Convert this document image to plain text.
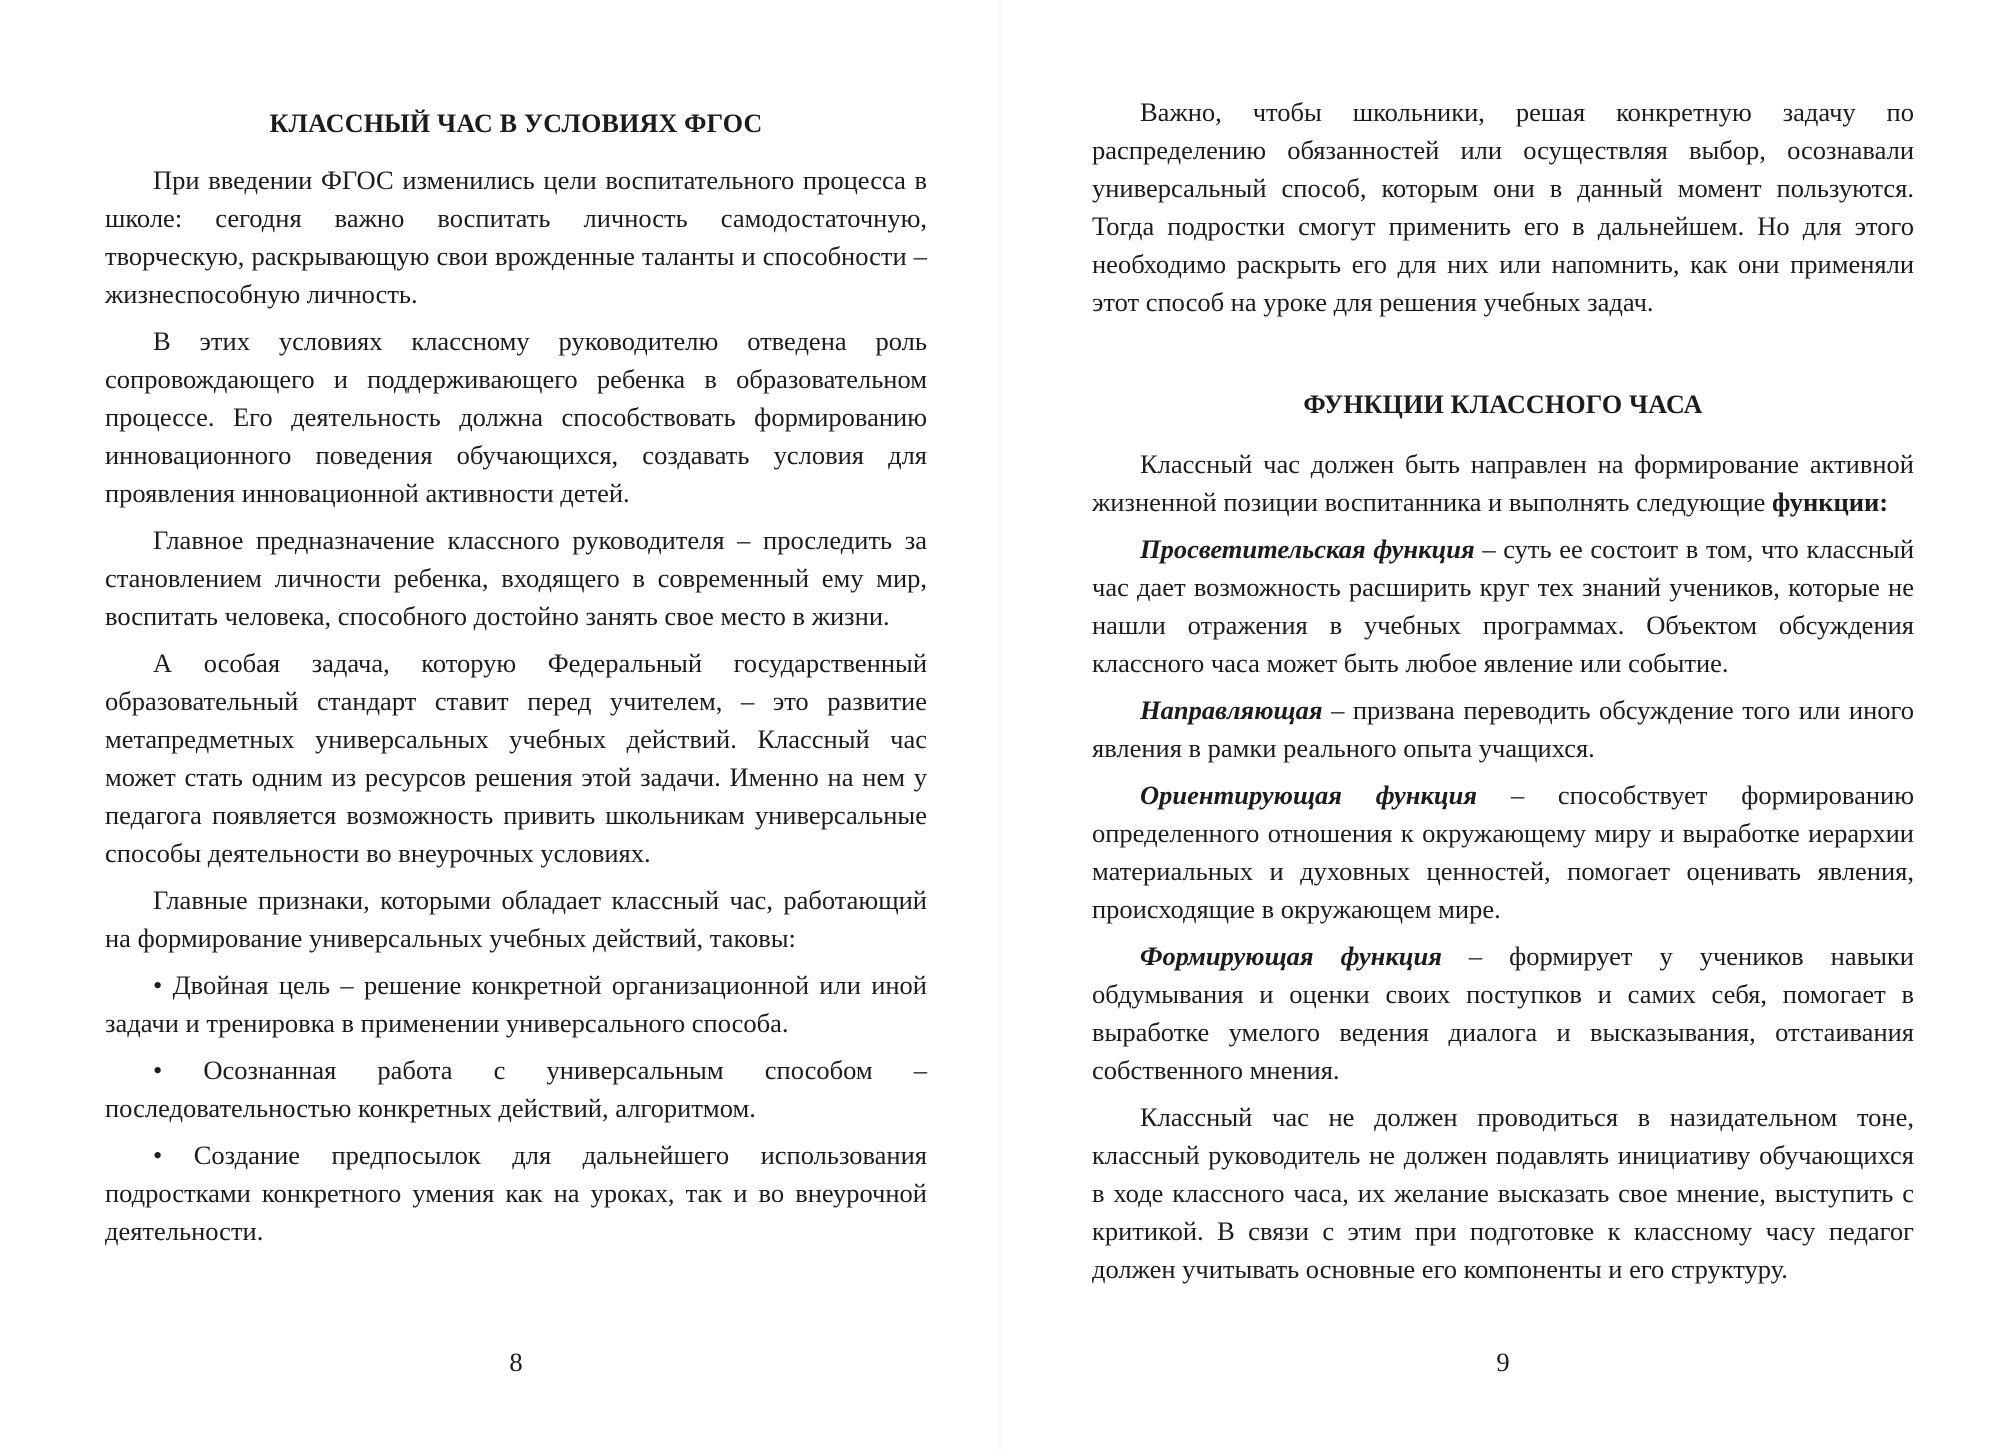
КЛАССНЫЙ ЧАС В УСЛОВИЯХ ФГОС

При введении ФГОС изменились цели воспитательного процесса в школе: сегодня важно воспитать личность самодостаточную, творческую, раскрывающую свои врожденные таланты и способности – жизнеспособную личность.

В этих условиях классному руководителю отведена роль сопровождающего и поддерживающего ребенка в образовательном процессе. Его деятельность должна способствовать формированию инновационного поведения обучающихся, создавать условия для проявления инновационной активности детей.

Главное предназначение классного руководителя – проследить за становлением личности ребенка, входящего в современный ему мир, воспитать человека, способного достойно занять свое место в жизни.

А особая задача, которую Федеральный государственный образовательный стандарт ставит перед учителем, – это развитие метапредметных универсальных учебных действий. Классный час может стать одним из ресурсов решения этой задачи. Именно на нем у педагога появляется возможность привить школьникам универсальные способы деятельности во внеурочных условиях.

Главные признаки, которыми обладает классный час, работающий на формирование универсальных учебных действий, таковы:

• Двойная цель – решение конкретной организационной или иной задачи и тренировка в применении универсального способа.

• Осознанная работа с универсальным способом – последовательностью конкретных действий, алгоритмом.

• Создание предпосылок для дальнейшего использования подростками конкретного умения как на уроках, так и во внеурочной деятельности.

8

Важно, чтобы школьники, решая конкретную задачу по распределению обязанностей или осуществляя выбор, осознавали универсальный способ, которым они в данный момент пользуются. Тогда подростки смогут применить его в дальнейшем. Но для этого необходимо раскрыть его для них или напомнить, как они применяли этот способ на уроке для решения учебных задач.

ФУНКЦИИ КЛАССНОГО ЧАСА

Классный час должен быть направлен на формирование активной жизненной позиции воспитанника и выполнять следующие функции:

Просветительская функция – суть ее состоит в том, что классный час дает возможность расширить круг тех знаний учеников, которые не нашли отражения в учебных программах. Объектом обсуждения классного часа может быть любое явление или событие.

Направляющая – призвана переводить обсуждение того или иного явления в рамки реального опыта учащихся.

Ориентирующая функция – способствует формированию определенного отношения к окружающему миру и выработке иерархии материальных и духовных ценностей, помогает оценивать явления, происходящие в окружающем мире.

Формирующая функция – формирует у учеников навыки обдумывания и оценки своих поступков и самих себя, помогает в выработке умелого ведения диалога и высказывания, отстаивания собственного мнения.

Классный час не должен проводиться в назидательном тоне, классный руководитель не должен подавлять инициативу обучающихся в ходе классного часа, их желание высказать свое мнение, выступить с критикой. В связи с этим при подготовке к классному часу педагог должен учитывать основные его компоненты и его структуру.

9
